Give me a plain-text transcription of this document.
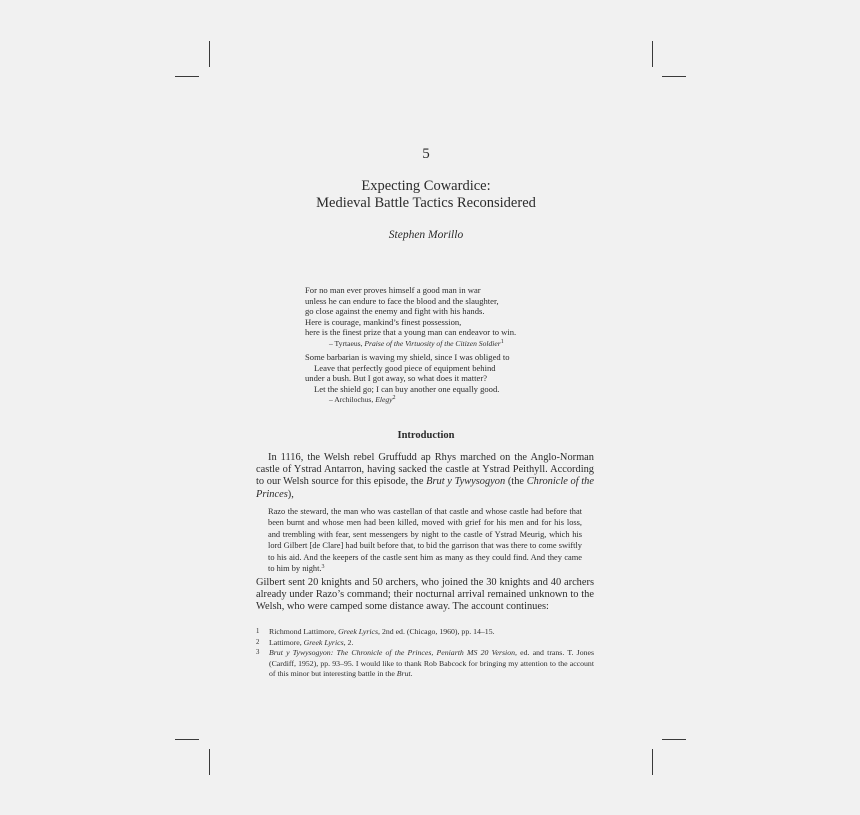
5
Expecting Cowardice:
Medieval Battle Tactics Reconsidered
Stephen Morillo
For no man ever proves himself a good man in war
unless he can endure to face the blood and the slaughter,
go close against the enemy and fight with his hands.
Here is courage, mankind’s finest possession,
here is the finest prize that a young man can endeavor to win.
– Tyrtaeus, Praise of the Virtuosity of the Citizen Soldier$^1$
Some barbarian is waving my shield, since I was obliged to
Leave that perfectly good piece of equipment behind
under a bush. But I got away, so what does it matter?
Let the shield go; I can buy another one equally good.
– Archilochus, Elegy$^2$
Introduction
In 1116, the Welsh rebel Gruffudd ap Rhys marched on the Anglo-Norman castle of Ystrad Antarron, having sacked the castle at Ystrad Peithyll. According to our Welsh source for this episode, the Brut y Tywysogyon (the Chronicle of the Princes),
Razo the steward, the man who was castellan of that castle and whose castle had before that been burnt and whose men had been killed, moved with grief for his men and for his loss, and trembling with fear, sent messengers by night to the castle of Ystrad Meurig, which his lord Gilbert [de Clare] had built before that, to bid the garrison that was there to come swiftly to his aid. And the keepers of the castle sent him as many as they could find. And they came to him by night.$^3$
Gilbert sent 20 knights and 50 archers, who joined the 30 knights and 40 archers already under Razo’s command; their nocturnal arrival remained unknown to the Welsh, who were camped some distance away. The account continues:
1 Richmond Lattimore, Greek Lyrics, 2nd ed. (Chicago, 1960), pp. 14–15.
2 Lattimore, Greek Lyrics, 2.
3 Brut y Tywysogyon: The Chronicle of the Princes, Peniarth MS 20 Version, ed. and trans. T. Jones (Cardiff, 1952), pp. 93–95. I would like to thank Rob Babcock for bringing my attention to the account of this minor but interesting battle in the Brut.
